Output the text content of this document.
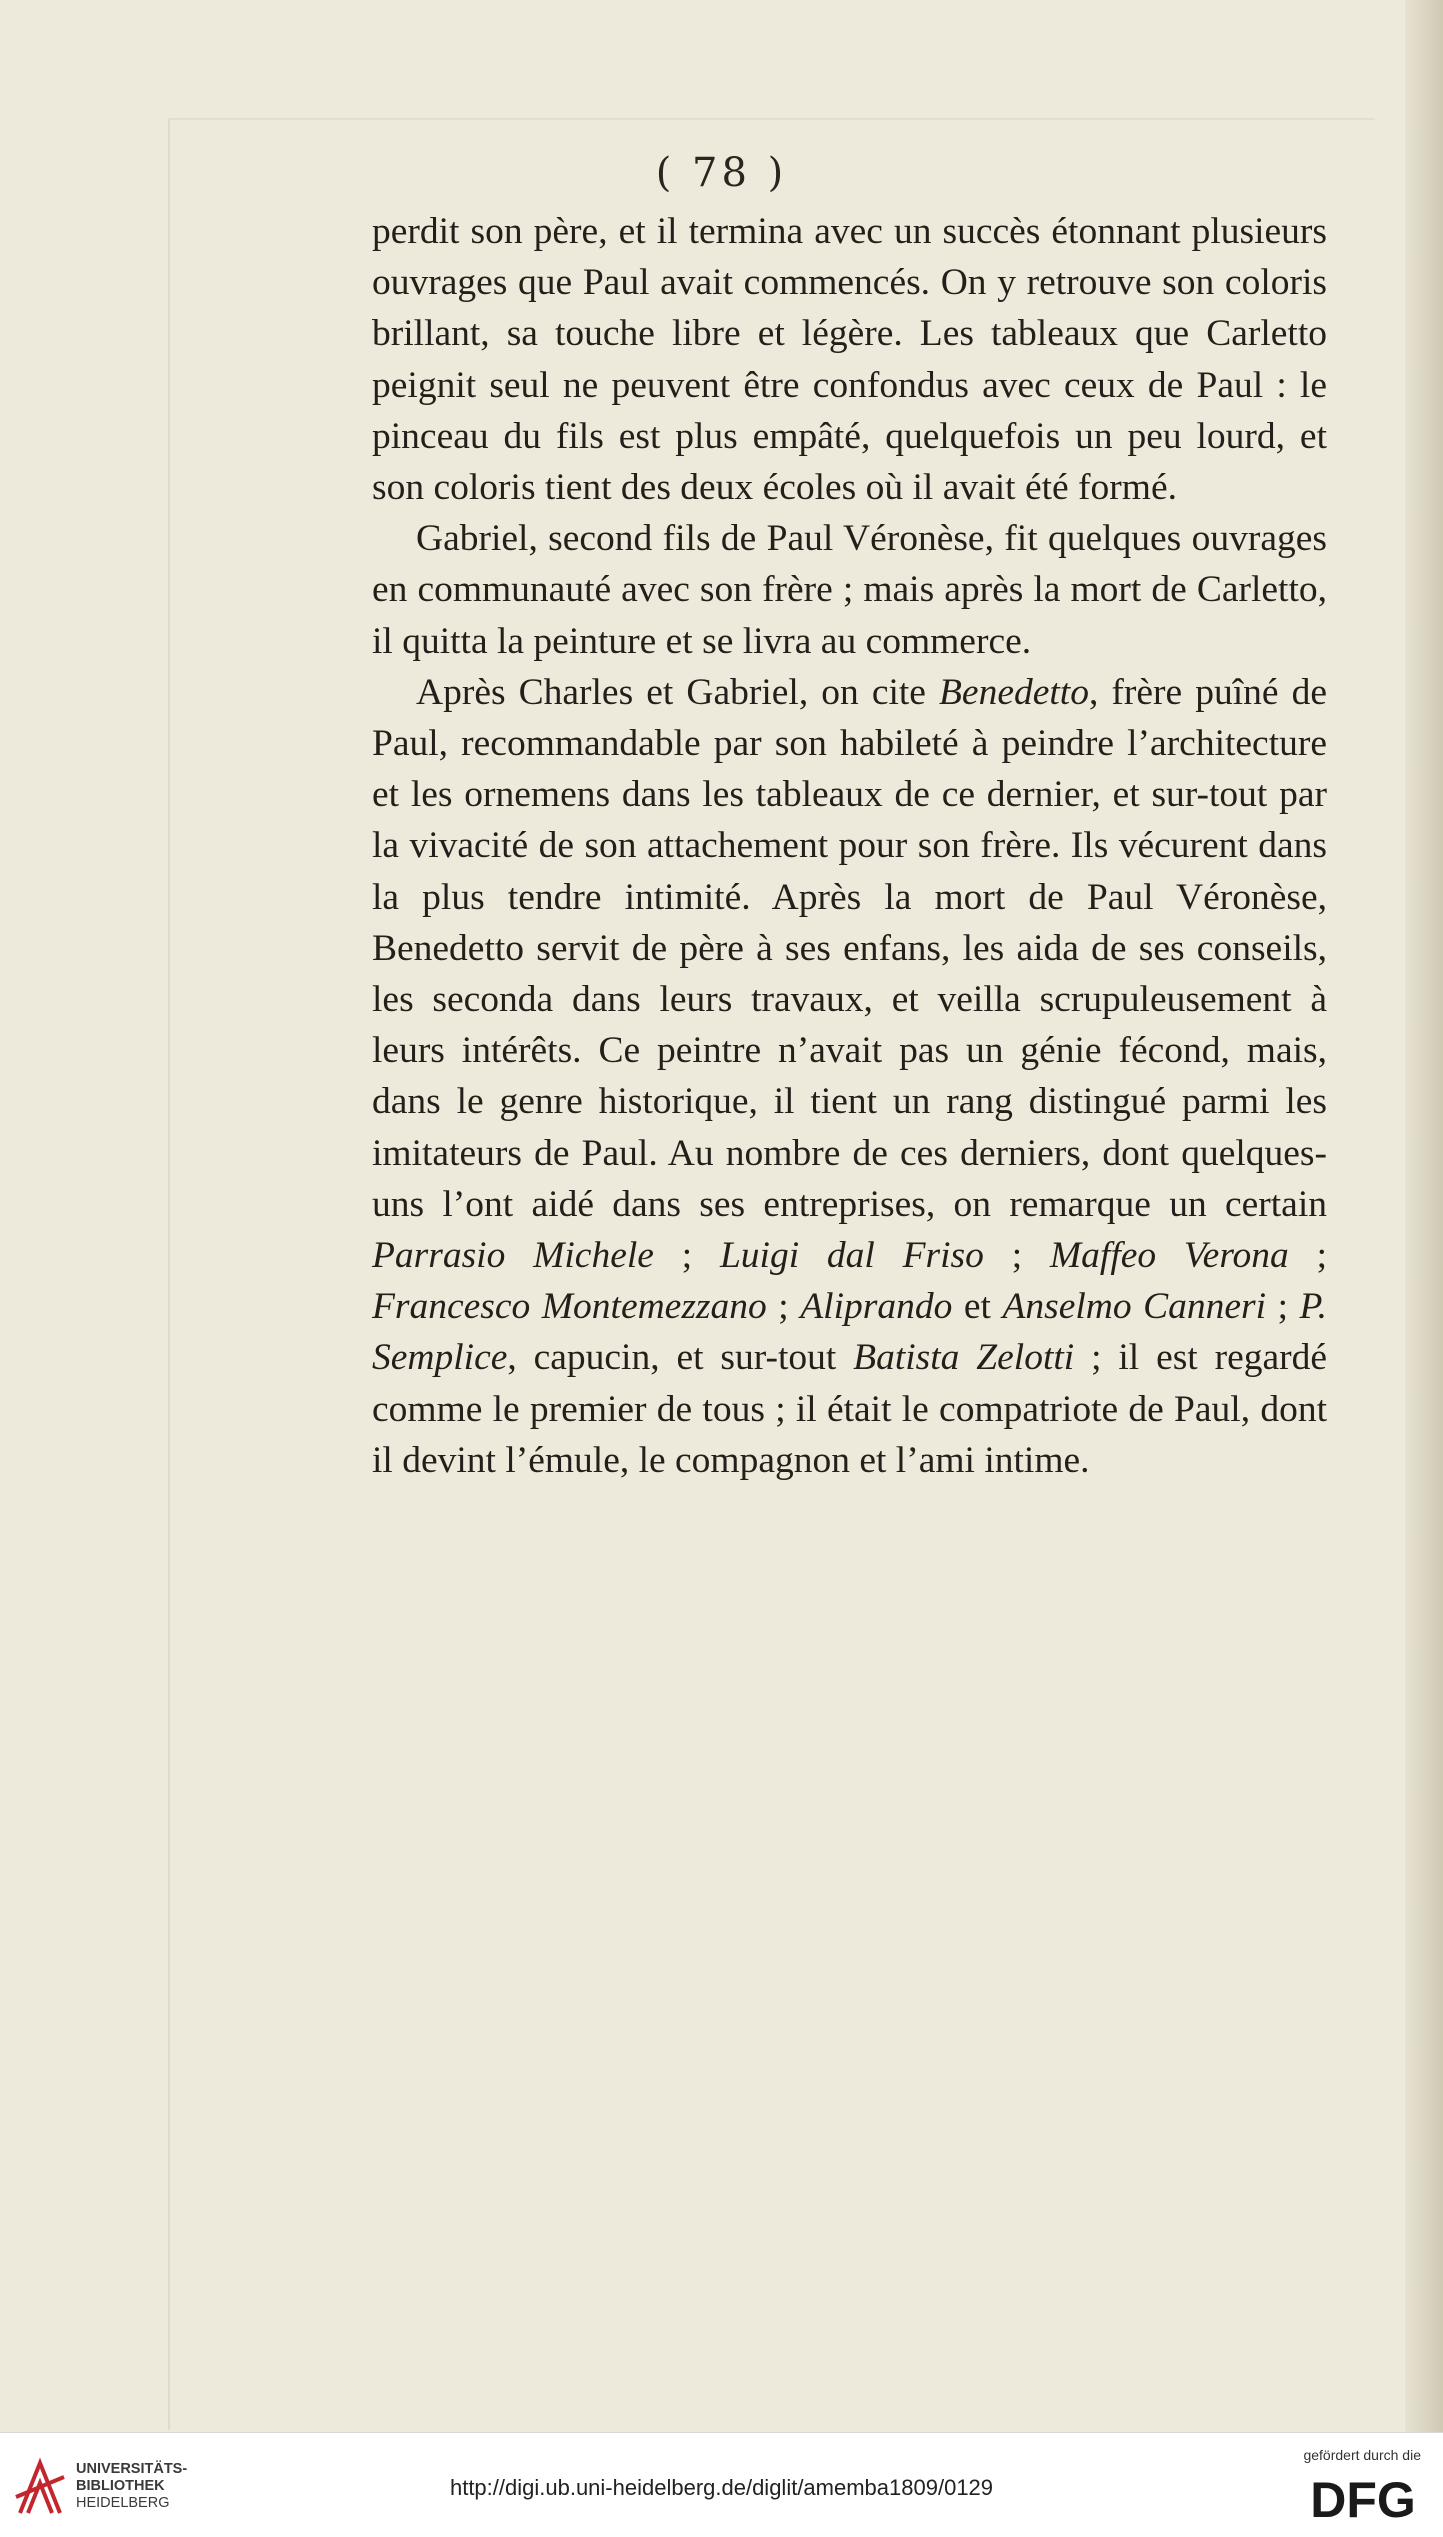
( 78 )

perdit son père, et il termina avec un succès étonnant plusieurs ouvrages que Paul avait commencés. On y retrouve son coloris brillant, sa touche libre et légère. Les tableaux que Carletto peignit seul ne peuvent être confondus avec ceux de Paul : le pinceau du fils est plus empâté, quelquefois un peu lourd, et son coloris tient des deux écoles où il avait été formé.

Gabriel, second fils de Paul Véronèse, fit quelques ouvrages en communauté avec son frère ; mais après la mort de Carletto, il quitta la peinture et se livra au commerce.

Après Charles et Gabriel, on cite Benedetto, frère puîné de Paul, recommandable par son habileté à peindre l’architecture et les ornemens dans les tableaux de ce dernier, et sur-tout par la vivacité de son attachement pour son frère. Ils vécurent dans la plus tendre intimité. Après la mort de Paul Véronèse, Benedetto servit de père à ses enfans, les aida de ses conseils, les seconda dans leurs travaux, et veilla scrupuleusement à leurs intérêts. Ce peintre n’avait pas un génie fécond, mais, dans le genre historique, il tient un rang distingué parmi les imitateurs de Paul. Au nombre de ces derniers, dont quelques-uns l’ont aidé dans ses entreprises, on remarque un certain Parrasio Michele ; Luigi dal Friso ; Maffeo Verona ; Francesco Montemezzano ; Aliprando et Anselmo Canneri ; P. Semplice, capucin, et sur-tout Batista Zelotti ; il est regardé comme le premier de tous ; il était le compatriote de Paul, dont il devint l’émule, le compagnon et l’ami intime.

UNIVERSITÄTS-
BIBLIOTHEK
HEIDELBERG
http://digi.ub.uni-heidelberg.de/diglit/amemba1809/0129
gefördert durch die
DFG
